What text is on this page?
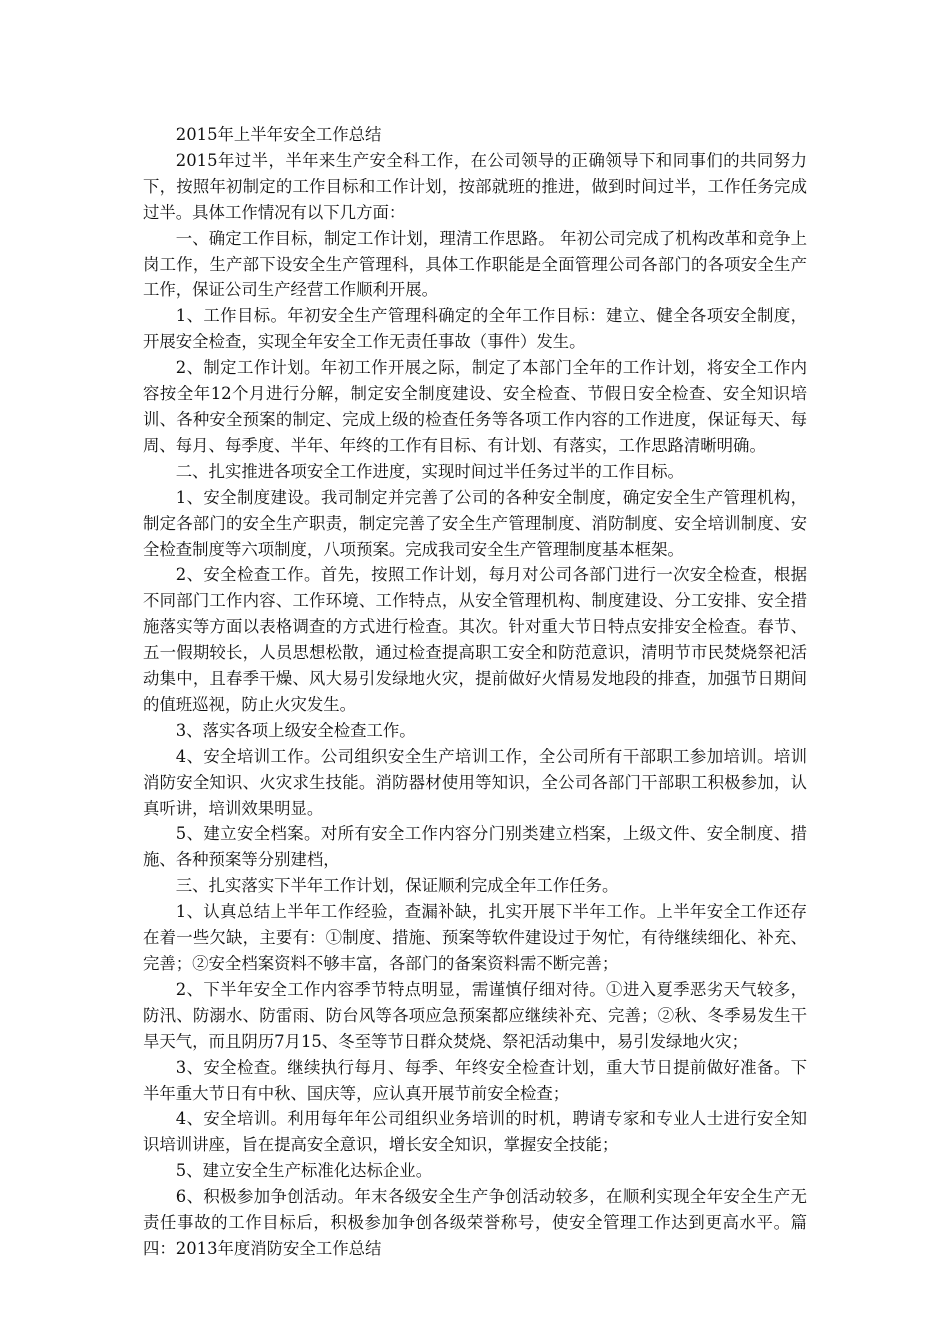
2015年上半年安全工作总结

2015年过半，半年来生产安全科工作，在公司领导的正确领导下和同事们的共同努力下，按照年初制定的工作目标和工作计划，按部就班的推进，做到时间过半，工作任务完成过半。具体工作情况有以下几方面：

一、确定工作目标，制定工作计划，理清工作思路。 年初公司完成了机构改革和竞争上岗工作，生产部下设安全生产管理科，具体工作职能是全面管理公司各部门的各项安全生产工作，保证公司生产经营工作顺利开展。

1、工作目标。年初安全生产管理科确定的全年工作目标：建立、健全各项安全制度，开展安全检查，实现全年安全工作无责任事故（事件）发生。

2、制定工作计划。年初工作开展之际，制定了本部门全年的工作计划，将安全工作内容按全年12个月进行分解，制定安全制度建设、安全检查、节假日安全检查、安全知识培训、各种安全预案的制定、完成上级的检查任务等各项工作内容的工作进度，保证每天、每周、每月、每季度、半年、年终的工作有目标、有计划、有落实，工作思路清晰明确。

二、扎实推进各项安全工作进度，实现时间过半任务过半的工作目标。

1、安全制度建设。我司制定并完善了公司的各种安全制度，确定安全生产管理机构，制定各部门的安全生产职责，制定完善了安全生产管理制度、消防制度、安全培训制度、安全检查制度等六项制度，八项预案。完成我司安全生产管理制度基本框架。

2、安全检查工作。首先，按照工作计划，每月对公司各部门进行一次安全检查，根据不同部门工作内容、工作环境、工作特点，从安全管理机构、制度建设、分工安排、安全措施落实等方面以表格调查的方式进行检查。其次。针对重大节日特点安排安全检查。春节、五一假期较长，人员思想松散，通过检查提高职工安全和防范意识，清明节市民焚烧祭祀活动集中，且春季干燥、风大易引发绿地火灾，提前做好火情易发地段的排查，加强节日期间的值班巡视，防止火灾发生。

3、落实各项上级安全检查工作。

4、安全培训工作。公司组织安全生产培训工作，全公司所有干部职工参加培训。培训消防安全知识、火灾求生技能。消防器材使用等知识，全公司各部门干部职工积极参加，认真听讲，培训效果明显。

5、建立安全档案。对所有安全工作内容分门别类建立档案，上级文件、安全制度、措施、各种预案等分别建档，

三、扎实落实下半年工作计划，保证顺利完成全年工作任务。

1、认真总结上半年工作经验，查漏补缺，扎实开展下半年工作。上半年安全工作还存在着一些欠缺，主要有：①制度、措施、预案等软件建设过于匆忙，有待继续细化、补充、完善；②安全档案资料不够丰富，各部门的备案资料需不断完善；

2、下半年安全工作内容季节特点明显，需谨慎仔细对待。①进入夏季恶劣天气较多，防汛、防溺水、防雷雨、防台风等各项应急预案都应继续补充、完善；②秋、冬季易发生干旱天气，而且阴历7月15、冬至等节日群众焚烧、祭祀活动集中，易引发绿地火灾；

3、安全检查。继续执行每月、每季、年终安全检查计划，重大节日提前做好准备。下半年重大节日有中秋、国庆等，应认真开展节前安全检查；

4、安全培训。利用每年年公司组织业务培训的时机，聘请专家和专业人士进行安全知识培训讲座，旨在提高安全意识，增长安全知识，掌握安全技能；

5、建立安全生产标准化达标企业。

6、积极参加争创活动。年末各级安全生产争创活动较多，在顺利实现全年安全生产无责任事故的工作目标后，积极参加争创各级荣誉称号，使安全管理工作达到更高水平。篇四：2013年度消防安全工作总结
